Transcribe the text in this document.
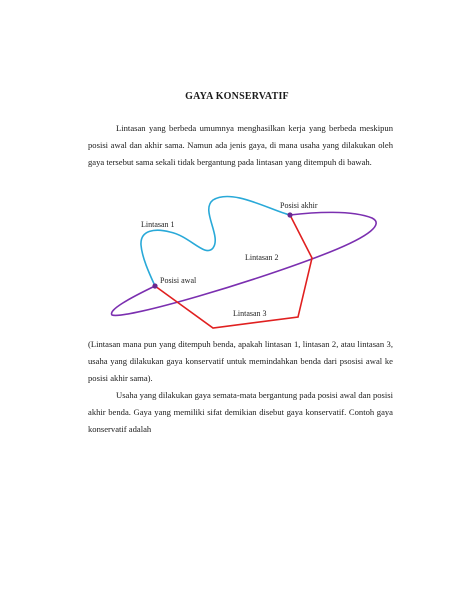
GAYA KONSERVATIF

Lintasan yang berbeda umumnya menghasilkan kerja yang berbeda meskipun posisi awal dan akhir sama. Namun ada jenis gaya, di mana usaha yang dilakukan oleh gaya tersebut sama sekali tidak bergantung pada lintasan yang ditempuh di bawah.

Posisi akhir
Lintasan 1
Lintasan 2
Posisi awal
Lintasan 3

(Lintasan mana pun yang ditempuh benda, apakah lintasan 1, lintasan 2, atau lintasan 3, usaha yang dilakukan gaya konservatif untuk memindahkan benda dari psosisi awal ke posisi akhir sama).

Usaha yang dilakukan gaya semata-mata bergantung pada posisi awal dan posisi akhir benda. Gaya yang memiliki sifat demikian disebut gaya konservatif. Contoh gaya konservatif adalah
